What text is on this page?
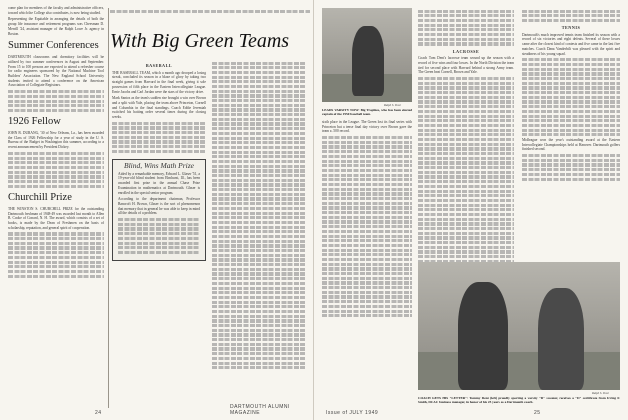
come plan for members of the faculty and administrative officers, toward which the College also contributes, is now being studied.
Representing the Equitable in arranging the details of both the group life insurance and retirement programs was Cheesman D. Merrill '24, assistant manager of the Ralph Lowe Jr. agency in Boston.
Summer Conferences
DARTMOUTH classrooms and dormitory facilities will be utilized by two summer conferences in August and September. From 15 to 100 persons are expected to attend a refresher course for radio engineers sponsored by the National Machine Tool Builders' Association. The New England School University students invited to attend a conference on the American Association of Collegiate Registrars.
1926 Fellow
JOHN B. DURANG, '30 of New Orleans, La., has been awarded the Class of 1926 Fellowship for a year of study in the U. S. Bureau of the Budget in Washington this summer, according to a recent announcement by President Dickey.
Churchill Prize
THE WINSTON S. CHURCHILL PRIZE for the outstanding Dartmouth freshman of 1948-49 was awarded last month to Allen B. Cooke of Conard, N. H. The award, which consists of a set of books, is made by the Dean of Freshmen on the basis of scholarship, reputation, and general spirit of cooperation.
With Big Green Teams
BASEBALL
THE BASEBALL TEAM, which a month ago drooped a losing streak, concluded its season in a blaze of glory by taking two straight games from Harvard in the final week, giving it sole possession of fifth place in the Eastern Intercollegiate League. Ernie Jacobs and Carl Jordan were the stars of the victory drive.
Mark Santos as the team's sudden rise brought a win over Brown and a split with Yale, placing the team above Princeton, Cornell and Columbia in the final standings. Coach Eddie Jeremiah switched his batting order several times during the closing weeks.
Blind, Wins Math Prize
Aided by a remarkable memory, Edward L. Glaser '51, a 19-year-old blind student from Elmhurst, Ill., has been awarded first prize in the annual Chase Prize Examination in mathematics at Dartmouth. Glaser is enrolled in the special senior program.
According to the department chairman, Professor Bancroft H. Brown, Glaser is the sort of phenomenon that memory that in general he was able to keep in mind all the details of a problem.
24
DARTMOUTH ALUMNI MAGAZINE
Ralph S. Dust
LEADS VARSITY NOW: Big Trophies, who has been elected captain of the 1950 baseball team.
sixth place in the League. The Green lost its final series with Princeton but a tense final day victory over Brown gave the team a .500 record.
LACROSSE
Coach Tom Dent's lacrosse team wound up the season with a record of five wins and four losses. In the North Division the team tied for second place with Harvard behind a strong Army team. The Green beat Cornell, Brown and Yale.
TENNIS
Dartmouth's much improved tennis team finished its season with a record of six victories and eight defeats. Several of these losses came after the closest kind of contests and five came in the last five matches. Coach Dana Vanderbilt was pleased with the spirit and steadiness of his young squad.
Midleague won the year's outstanding award at the Eastern Intercollegiate Championships held at Hanover. Dartmouth golfers finished second.
Ralph S. Dust
COACH GETS HIS "LETTER": Tommy Dent (left) proudly sporting a varsity "D" sweater, receives a "D" certificate from Irving F. Smith, DCAC business manager, in honor of his 25 years as a Dartmouth coach.
Issue of JULY 1949	25
